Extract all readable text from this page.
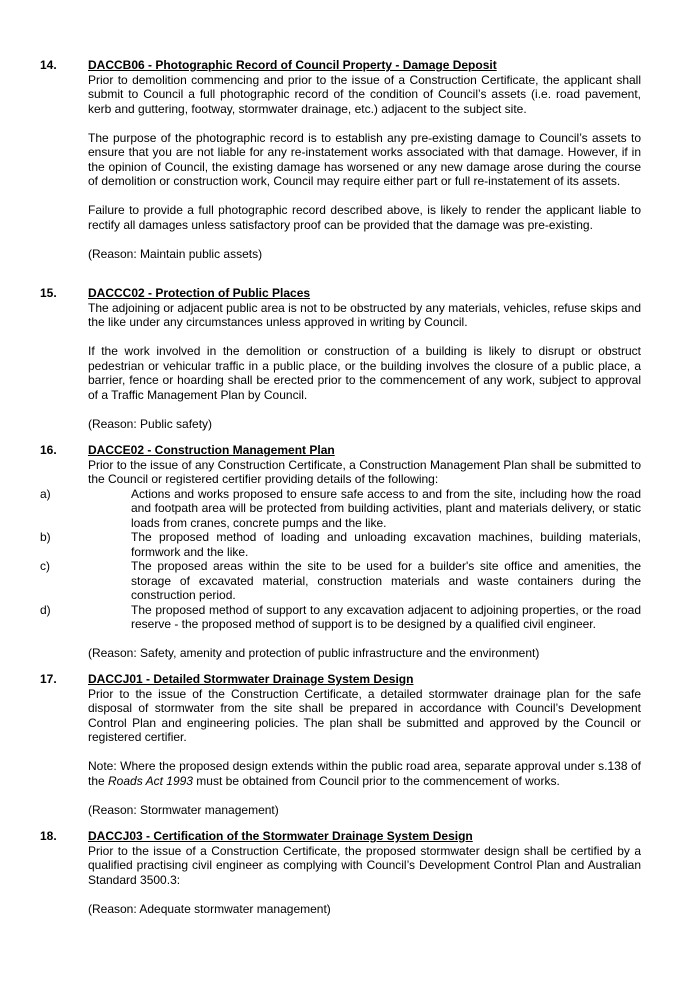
14.	DACCB06 - Photographic Record of Council Property - Damage Deposit

Prior to demolition commencing and prior to the issue of a Construction Certificate, the applicant shall submit to Council a full photographic record of the condition of Council’s assets (i.e. road pavement, kerb and guttering, footway, stormwater drainage, etc.) adjacent to the subject site.

The purpose of the photographic record is to establish any pre-existing damage to Council’s assets to ensure that you are not liable for any re-instatement works associated with that damage. However, if in the opinion of Council, the existing damage has worsened or any new damage arose during the course of demolition or construction work, Council may require either part or full re-instatement of its assets.

Failure to provide a full photographic record described above, is likely to render the applicant liable to rectify all damages unless satisfactory proof can be provided that the damage was pre-existing.

(Reason: Maintain public assets)

15.	DACCC02 - Protection of Public Places

The adjoining or adjacent public area is not to be obstructed by any materials, vehicles, refuse skips and the like under any circumstances unless approved in writing by Council.

If the work involved in the demolition or construction of a building is likely to disrupt or obstruct pedestrian or vehicular traffic in a public place, or the building involves the closure of a public place, a barrier, fence or hoarding shall be erected prior to the commencement of any work, subject to approval of a Traffic Management Plan by Council.

(Reason: Public safety)

16.	DACCE02 - Construction Management Plan

Prior to the issue of any Construction Certificate, a Construction Management Plan shall be submitted to the Council or registered certifier providing details of the following:

a)	Actions and works proposed to ensure safe access to and from the site, including how the road and footpath area will be protected from building activities, plant and materials delivery, or static loads from cranes, concrete pumps and the like.

b)	The proposed method of loading and unloading excavation machines, building materials, formwork and the like.

c)	The proposed areas within the site to be used for a builder's site office and amenities, the storage of excavated material, construction materials and waste containers during the construction period.

d)	The proposed method of support to any excavation adjacent to adjoining properties, or the road reserve - the proposed method of support is to be designed by a qualified civil engineer.

(Reason: Safety, amenity and protection of public infrastructure and the environment)

17.	DACCJ01 - Detailed Stormwater Drainage System Design

Prior to the issue of the Construction Certificate, a detailed stormwater drainage plan for the safe disposal of stormwater from the site shall be prepared in accordance with Council’s Development Control Plan and engineering policies. The plan shall be submitted and approved by the Council or registered certifier.

Note: Where the proposed design extends within the public road area, separate approval under s.138 of the Roads Act 1993 must be obtained from Council prior to the commencement of works.

(Reason: Stormwater management)

18.	DACCJ03 - Certification of the Stormwater Drainage System Design

Prior to the issue of a Construction Certificate, the proposed stormwater design shall be certified by a qualified practising civil engineer as complying with Council’s Development Control Plan and Australian Standard 3500.3:

(Reason: Adequate stormwater management)
